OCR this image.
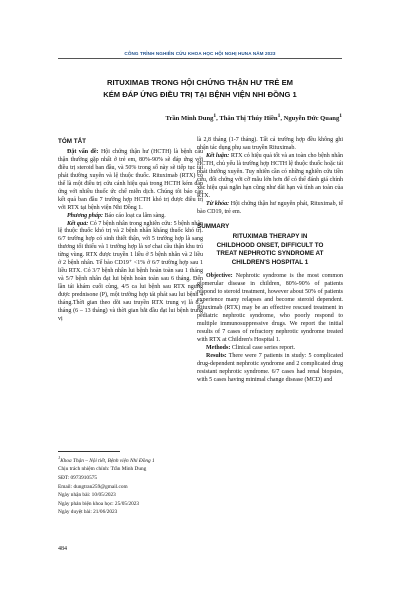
CÔNG TRÌNH NGHIÊN CỨU KHOA HỌC HỘI NGHỊ HUNA NĂM 2023
RITUXIMAB TRONG HỘI CHỨNG THẬN HƯ TRẺ EM
KÉM ĐÁP ỨNG ĐIỀU TRỊ TẠI BỆNH VIỆN NHI ĐỒNG 1
Trần Minh Dung$^1$, Thân Thị Thúy Hiền$^1$, Nguyễn Đức Quang$^1$
TÓM TẮT

Đặt vấn đề: Hội chứng thận hư (HCTH) là bệnh cầu thận thường gặp nhất ở trẻ em, 80%-90% sẽ đáp ứng với điều trị steroid ban đầu, và 50% trong số này sẽ tiếp tục tái phát thường xuyên và lệ thuộc thuốc. Rituximab (RTX) có thể là một điều trị cứu cánh hiệu quả trong HCTH kém đáp ứng với nhiều thuốc ức chế miễn dịch. Chúng tôi báo cáo kết quả ban đầu 7 trường hợp HCTH khó trị được điều trị với RTX tại bệnh viện Nhi Đồng 1.

Phương pháp: Báo cáo loạt ca lâm sàng.

Kết quả: Có 7 bệnh nhân trong nghiên cứu: 5 bệnh nhân lệ thuộc thuốc khó trị và 2 bệnh nhân kháng thuốc khó trị. 6/7 trường hợp có sinh thiết thận, với 5 trường hợp là sang thương tối thiểu và 1 trường hợp là xơ chai cầu thận khu trú từng vùng. RTX được truyền 1 liều ở 5 bệnh nhân và 2 liều ở 2 bệnh nhân. Tế bào CD19⁺ <1% ở 6/7 trường hợp sau 1 liều RTX. Có 3/7 bệnh nhân lui bệnh hoàn toàn sau 1 tháng và 5/7 bệnh nhân đạt lui bệnh hoàn toàn sau 6 tháng. Đến lần tái khám cuối cùng, 4/5 ca lui bệnh sau RTX ngưng được prednisone (P), một trường hợp tái phát sau lui bệnh 4 tháng.Thời gian theo dõi sau truyền RTX trung vị là 8,5 tháng (6 – 13 tháng) và thời gian bắt đầu đạt lui bệnh trung vị

là 2,8 tháng (1-7 tháng). Tất cả trường hợp đều không ghi nhận tác dụng phụ sau truyền Rituximab.

Kết luận: RTX có hiệu quả tốt và an toàn cho bệnh nhân HCTH, chủ yếu là trường hợp HCTH lệ thuộc thuốc hoặc tái phát thường xuyên. Tuy nhiên cần có những nghiên cứu tiền cứu, đối chứng với cỡ mẫu lớn hơn để có thể đánh giá chính xác hiệu quả ngắn hạn cũng như dài hạn và tính an toàn của RTX.

Từ khóa: Hội chứng thận hư nguyên phát, Rituximab, tế bào CD19, trẻ em.

SUMMARY
RITUXIMAB THERAPY IN
CHILDHOOD ONSET, DIFFICULT TO
TREAT NEPHROTIC SYNDROME AT
CHILDREN'S HOSPITAL 1

Objective: Nephrotic syndrome is the most common glomerular disease in children, 80%-90% of patients respond to steroid treatment, however about 50% of patients experience many relapses and become steroid dependent. Rituximab (RTX) may be an effective rescued treatment in pediatric nephrotic syndrome, who poorly respond to multiple immunosuppressive drugs. We report the initial results of 7 cases of refractory nephrotic syndrome treated with RTX at Children's Hospital 1.

Methods: Clinical case series report.

Results: There were 7 patients in study: 5 complicated drug-dependent nephrotic syndrome and 2 complicated drug resistant nephrotic syndrome. 6/7 cases had renal biopsies, with 5 cases having minimal change disease (MCD) and

$^1$Khoa Thận – Nội tiết, Bệnh viện Nhi Đồng 1
Chịu trách nhiệm chính: Trần Minh Dung
SĐT: 0973910575
Email: dungtran259@gmail.com
Ngày nhận bài: 10/05/2023
Ngày phản biện khoa học: 25/05/2023
Ngày duyệt bài: 21/06/2023
484
